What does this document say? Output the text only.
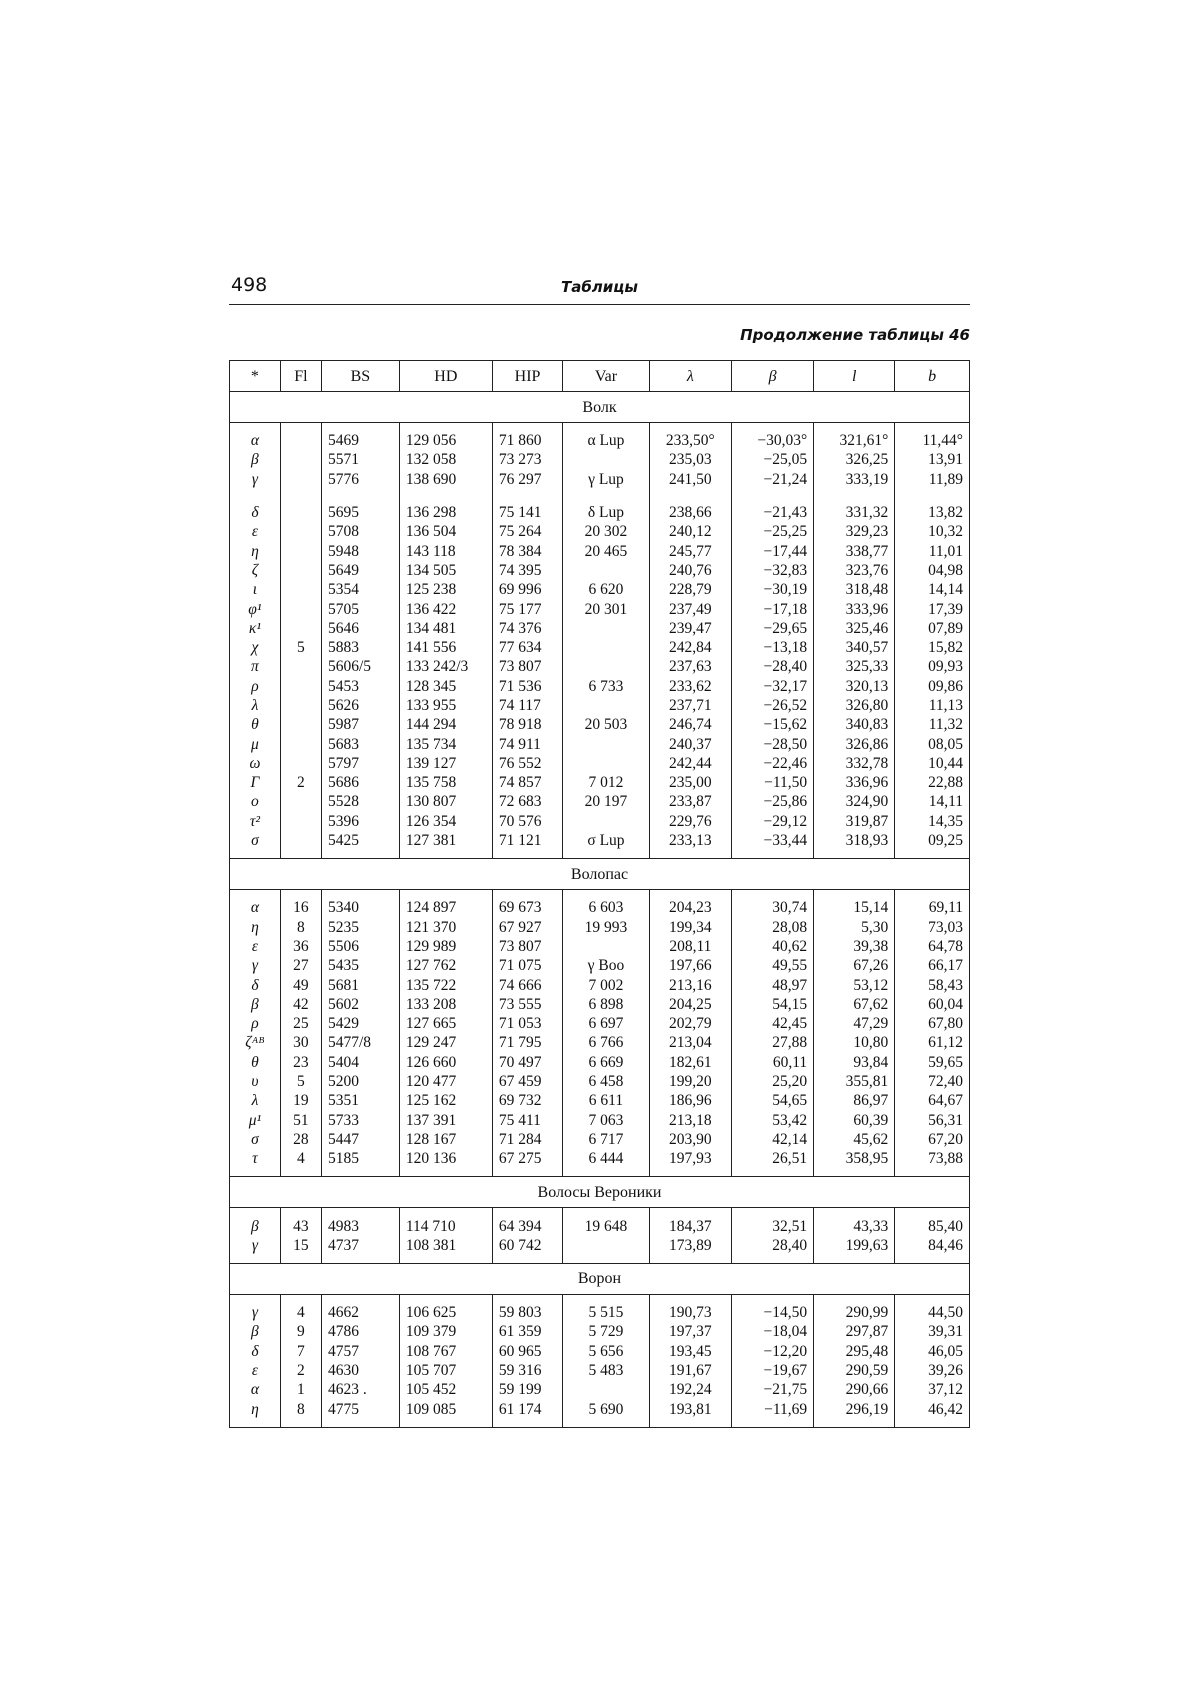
498	Таблицы
Продолжение таблицы 46
*	Fl	BS	HD	HIP	Var	λ	β	l	b
Волк									

α		5469	129 056	71 860	α Lup	233,50°	−30,03°	321,61°	11,44°
β		5571	132 058	73 273		235,03	−25,05	326,25	13,91
γ		5776	138 690	76 297	γ Lup	241,50	−21,24	333,19	11,89

δ		5695	136 298	75 141	δ Lup	238,66	−21,43	331,32	13,82
ε		5708	136 504	75 264	20 302	240,12	−25,25	329,23	10,32
η		5948	143 118	78 384	20 465	245,77	−17,44	338,77	11,01
ζ		5649	134 505	74 395		240,76	−32,83	323,76	04,98
ι		5354	125 238	69 996	6 620	228,79	−30,19	318,48	14,14
φ¹		5705	136 422	75 177	20 301	237,49	−17,18	333,96	17,39
κ¹		5646	134 481	74 376		239,47	−29,65	325,46	07,89
χ	5	5883	141 556	77 634		242,84	−13,18	340,57	15,82
π		5606/5	133 242/3	73 807		237,63	−28,40	325,33	09,93
ρ		5453	128 345	71 536	6 733	233,62	−32,17	320,13	09,86
λ		5626	133 955	74 117		237,71	−26,52	326,80	11,13
θ		5987	144 294	78 918	20 503	246,74	−15,62	340,83	11,32
μ		5683	135 734	74 911		240,37	−28,50	326,86	08,05
ω		5797	139 127	76 552		242,44	−22,46	332,78	10,44
Γ	2	5686	135 758	74 857	7 012	235,00	−11,50	336,96	22,88
ο		5528	130 807	72 683	20 197	233,87	−25,86	324,90	14,11
τ²		5396	126 354	70 576		229,76	−29,12	319,87	14,35
σ		5425	127 381	71 121	σ Lup	233,13	−33,44	318,93	09,25

Волопас									

α	16	5340	124 897	69 673	6 603	204,23	30,74	15,14	69,11
η	8	5235	121 370	67 927	19 993	199,34	28,08	5,30	73,03
ε	36	5506	129 989	73 807		208,11	40,62	39,38	64,78
γ	27	5435	127 762	71 075	γ Boo	197,66	49,55	67,26	66,17
δ	49	5681	135 722	74 666	7 002	213,16	48,97	53,12	58,43
β	42	5602	133 208	73 555	6 898	204,25	54,15	67,62	60,04
ρ	25	5429	127 665	71 053	6 697	202,79	42,45	47,29	67,80
ζᴬᴮ	30	5477/8	129 247	71 795	6 766	213,04	27,88	10,80	61,12
θ	23	5404	126 660	70 497	6 669	182,61	60,11	93,84	59,65
υ	5	5200	120 477	67 459	6 458	199,20	25,20	355,81	72,40
λ	19	5351	125 162	69 732	6 611	186,96	54,65	86,97	64,67
μ¹	51	5733	137 391	75 411	7 063	213,18	53,42	60,39	56,31
σ	28	5447	128 167	71 284	6 717	203,90	42,14	45,62	67,20
τ	4	5185	120 136	67 275	6 444	197,93	26,51	358,95	73,88

Волосы Вероники									

β	43	4983	114 710	64 394	19 648	184,37	32,51	43,33	85,40
γ	15	4737	108 381	60 742		173,89	28,40	199,63	84,46

Ворон									

γ	4	4662	106 625	59 803	5 515	190,73	−14,50	290,99	44,50
β	9	4786	109 379	61 359	5 729	197,37	−18,04	297,87	39,31
δ	7	4757	108 767	60 965	5 656	193,45	−12,20	295,48	46,05
ε	2	4630	105 707	59 316	5 483	191,67	−19,67	290,59	39,26
α	1	4623 .	105 452	59 199		192,24	−21,75	290,66	37,12
η	8	4775	109 085	61 174	5 690	193,81	−11,69	296,19	46,42
